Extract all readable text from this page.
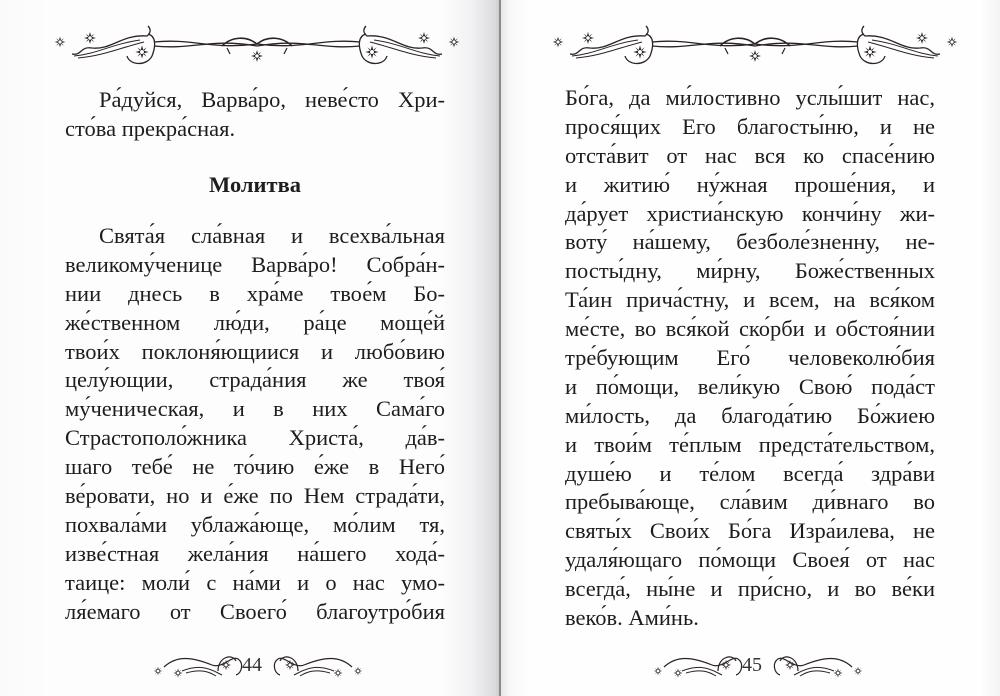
Ра́дуйся, Варва́ро, неве́сто Хри-
сто́ва прекра́сная.
Молитва
Свята́я сла́вная и всехва́льная
великому́ченице Варва́ро! Собра́н-
нии днесь в хра́ме твое́м Бо-
же́ственном лю́ди, ра́це моще́й
твои́х поклоня́ющиися и любо́вию
целу́ющии, страда́ния же твоя́
му́ченическая, и в них Сама́го
Страстополо́жника Христа́, да́в-
шаго тебе́ не то́чию е́же в Него́
ве́ровати, но и е́же по Нем страда́ти,
похвала́ми ублажа́юще, мо́лим тя,
изве́стная жела́ния на́шего хода́-
таице: моли́ с на́ми и о нас умо-
ля́емаго от Своего́ благоутро́бия
44
Бо́га, да ми́лостивно услы́шит нас,
прося́щих Его благосты́ню, и не
отста́вит от нас вся ко спасе́нию
и житию́ ну́жная проше́ния, и
да́рует христиа́нскую кончи́ну жи-
воту́ на́шему, безболе́зненну, не-
посты́дну, ми́рну, Боже́ственных
Та́ин прича́стну, и всем, на вся́ком
ме́сте, во вся́кой ско́рби и обстоя́нии
тре́бующим Его́ человеколю́бия
и по́мощи, вели́кую Свою́ пода́ст
ми́лость, да благода́тию Бо́жиею
и твои́м те́плым предста́тельством,
душе́ю и те́лом всегда́ здра́ви
пребыва́юще, сла́вим ди́внаго во
святы́х Свои́х Бо́га Изра́илева, не
удаля́ющаго по́мощи Своея́ от нас
всегда́, ны́не и при́сно, и во ве́ки
веко́в. Ами́нь.
45
